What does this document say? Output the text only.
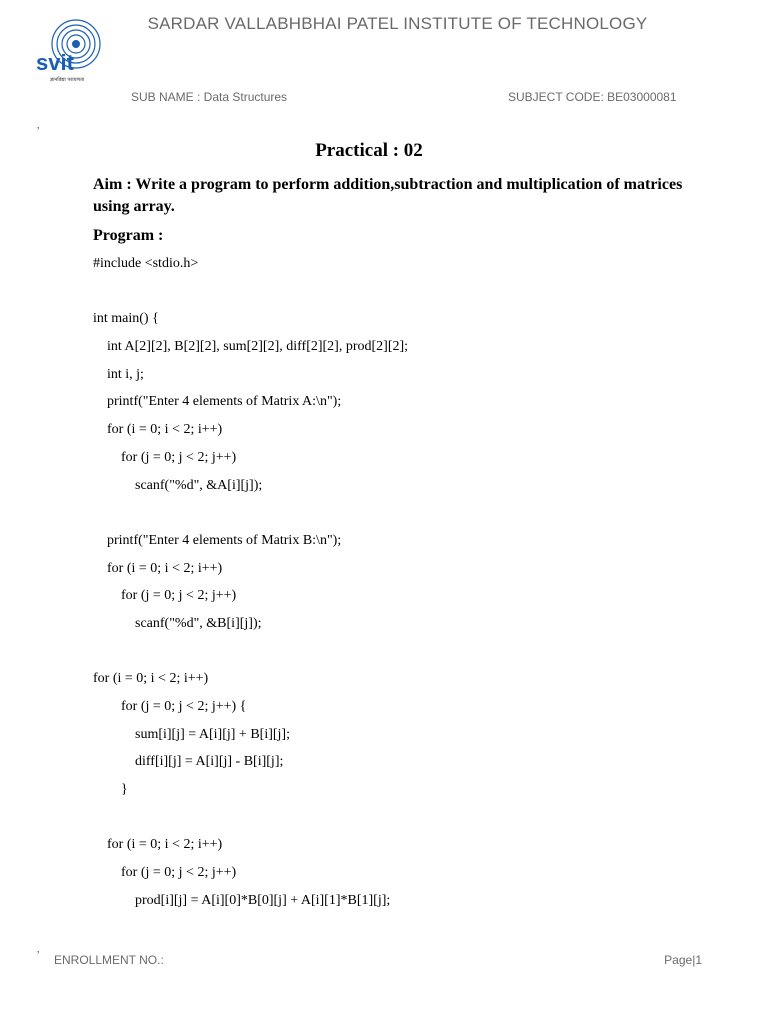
svit
ज्ञानविद्या परायणता
SARDAR VALLABHBHAI PATEL INSTITUTE OF TECHNOLOGY
SUB NAME : Data Structures	SUBJECT CODE: BE03000081
,
,
Practical : 02
Aim : Write a program to perform addition,subtraction and multiplication of matrices using array.
Program :
#include <stdio.h>
int main() {
int A[2][2], B[2][2], sum[2][2], diff[2][2], prod[2][2];
int i, j;
printf("Enter 4 elements of Matrix A:\n");
for (i = 0; i < 2; i++)
for (j = 0; j < 2; j++)
scanf("%d", &A[i][j]);
printf("Enter 4 elements of Matrix B:\n");
for (i = 0; i < 2; i++)
for (j = 0; j < 2; j++)
scanf("%d", &B[i][j]);
for (i = 0; i < 2; i++)
for (j = 0; j < 2; j++) {
sum[i][j] = A[i][j] + B[i][j];
diff[i][j] = A[i][j] - B[i][j];
}
for (i = 0; i < 2; i++)
for (j = 0; j < 2; j++)
prod[i][j] = A[i][0]*B[0][j] + A[i][1]*B[1][j];
ENROLLMENT NO.:	Page|1
